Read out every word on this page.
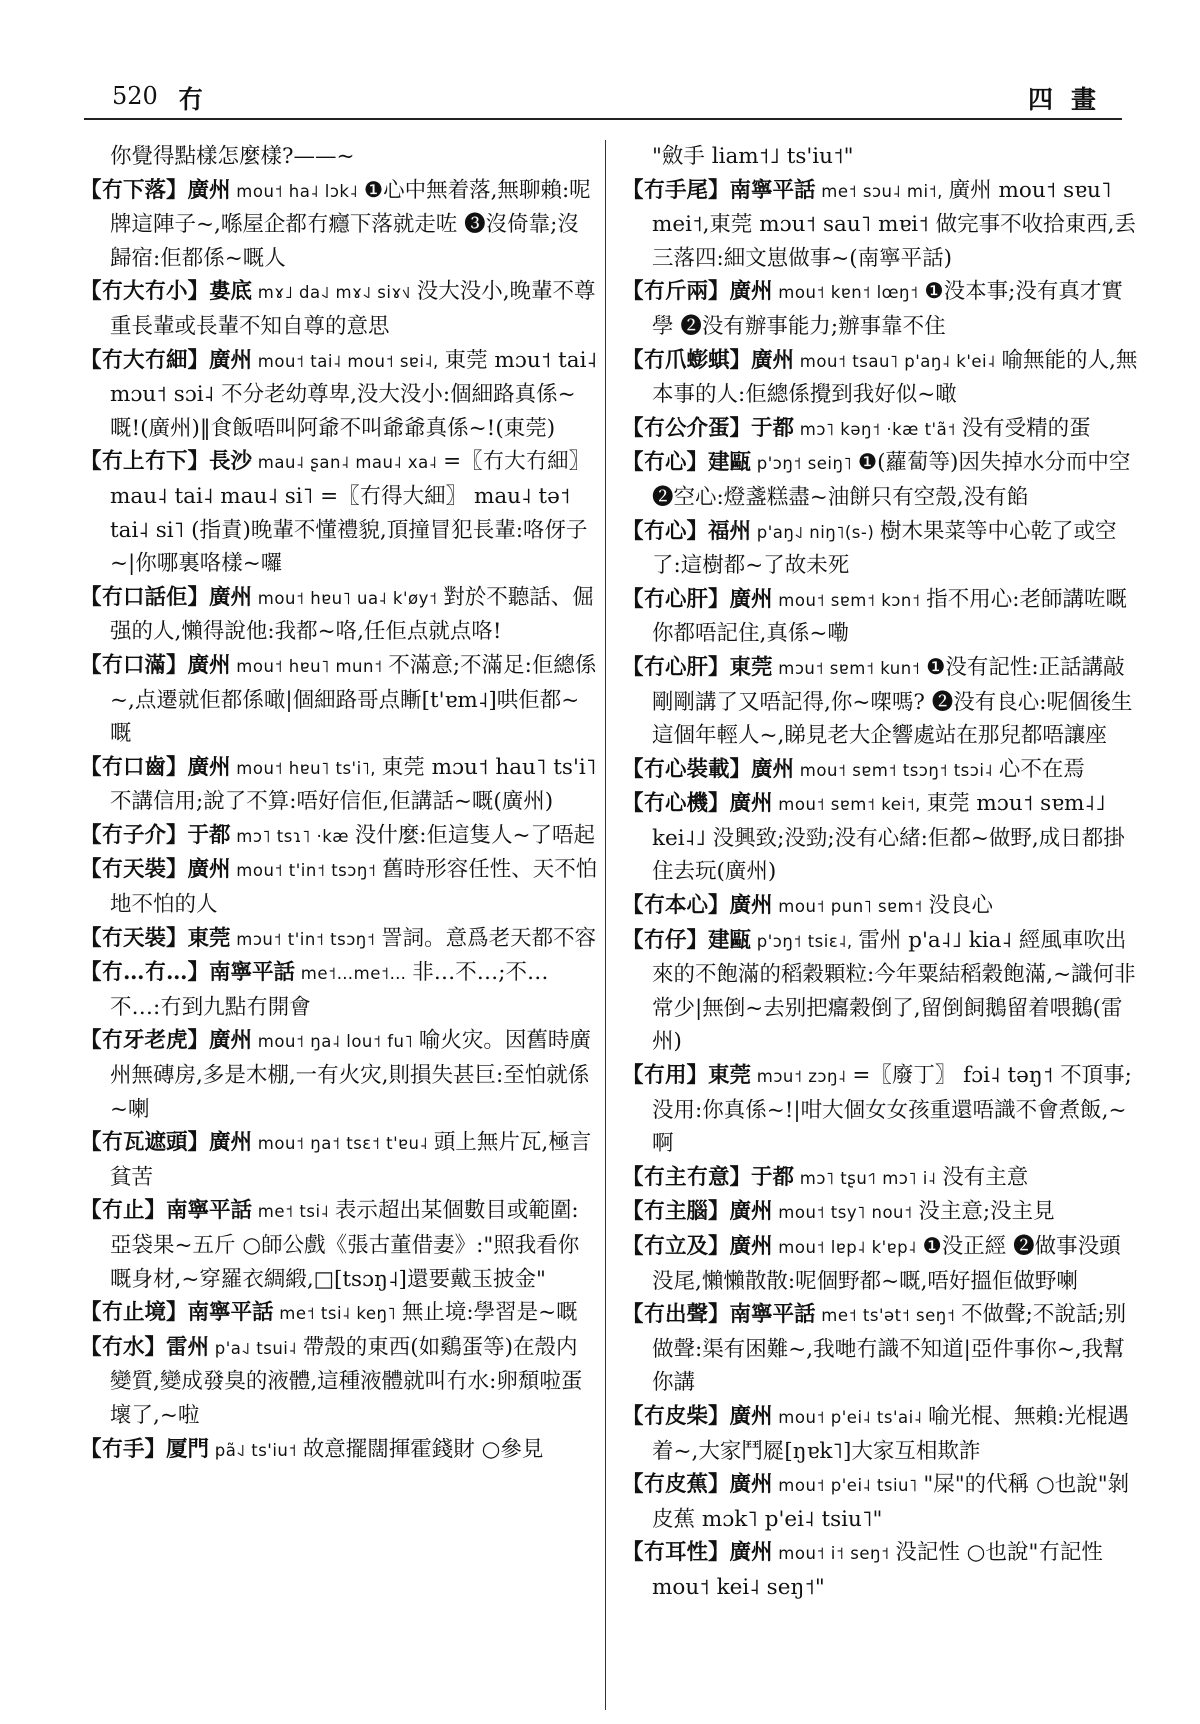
520 冇	四畫
你覺得點樣怎麼樣?——~
【冇下落】廣州 mou˦ ha˨ lɔk˨ ❶心中無着落,無聊賴:呢牌這陣子~,喺屋企都冇癮下落就走咗 ❸沒倚靠;沒歸宿:佢都係~嘅人
【冇大冇小】婁底 mɤ˩ da˨˩ mɤ˨˩ siɤ˦˩ 没大没小,晚輩不尊重長輩或長輩不知自尊的意思
【冇大冇細】廣州 mou˦ tai˨ mou˦ sɐi˨, 東莞 mɔu˦ tai˨ mɔu˦ sɔi˨ 不分老幼尊卑,没大没小:個細路真係~嘅!(廣州)‖食飯唔叫阿爺不叫爺爺真係~!(東莞)
【冇上冇下】長沙 mau˨ ʂan˨ mau˨ xa˨ =〖冇大冇細〗 mau˨ tai˨ mau˨ si˥ =〖冇得大細〗 mau˨ tə˦ tai˨ si˥ (指責)晚輩不懂禮貌,頂撞冒犯長輩:咯伢子~|你哪裏咯樣~囉
【冇口話佢】廣州 mou˦ hɐu˥ ua˨ k'øy˦ 對於不聽話、倔强的人,懶得說他:我都~咯,任佢点就点咯!
【冇口滿】廣州 mou˦ hɐu˥ mun˦ 不滿意;不滿足:佢總係~,点遷就佢都係噉|個細路哥点䁪[t'ɐm˨]哄佢都~嘅
【冇口齒】廣州 mou˦ hɐu˥ ts'i˥, 東莞 mɔu˦ hau˥ ts'i˥ 不講信用;說了不算:唔好信佢,佢講話~嘅(廣州)
【冇子介】于都 mɔ˥ tsɿ˥ ·kæ 没什麼:佢這隻人~了唔起
【冇天裝】廣州 mou˦ t'in˦ tsɔŋ˦ 舊時形容任性、天不怕地不怕的人
【冇天裝】東莞 mɔu˦ t'in˦ tsɔŋ˦ 詈詞。意爲老天都不容
【冇…冇…】南寧平話 me˦…me˦… 非…不…;不…不…:冇到九點冇開會
【冇牙老虎】廣州 mou˦ ŋa˨ lou˦ fu˥ 喻火灾。因舊時廣州無磚房,多是木棚,一有火灾,則損失甚巨:至怕就係~喇
【冇瓦遮頭】廣州 mou˦ ŋa˦ tsɛ˦ t'ɐu˨ 頭上無片瓦,極言貧苦
【冇止】南寧平話 me˦ tsi˨ 表示超出某個數目或範圍:亞袋果~五斤 ○師公戲《張古董借妻》:"照我看你嘅身材,~穿羅衣綢緞,□[tsɔŋ˨]還要戴玉披金"
【冇止境】南寧平話 me˦ tsi˨ keŋ˥ 無止境:學習是~嘅
【冇水】雷州 p'a˨˩ tsui˨ 帶殼的東西(如鷄蛋等)在殼内變質,變成發臭的液體,這種液體就叫冇水:卵頹啦蛋壞了,~啦
【冇手】厦門 pã˨˩ ts'iu˦ 故意擺闊揮霍錢財 ○參見
"斂手 liam˦˩ ts'iu˦"
【冇手尾】南寧平話 me˦ sɔu˨ mi˦, 廣州 mou˦ sɐu˥ mei˦,東莞 mɔu˦ sau˥ mɐi˦ 做完事不收拾東西,丢三落四:細文崽做事~(南寧平話)
【冇斤兩】廣州 mou˦ kɐn˦ lœŋ˦ ❶没本事;没有真才實學 ❷没有辦事能力;辦事靠不住
【冇爪蟛蜞】廣州 mou˦ tsau˥ p'aŋ˨ k'ei˨ 喻無能的人,無本事的人:佢總係攪到我好似~噉
【冇公介蛋】于都 mɔ˥ kəŋ˦ ·kæ t'ã˦ 没有受精的蛋
【冇心】建甌 p'ɔŋ˦ seiŋ˥ ❶(蘿蔔等)因失掉水分而中空 ❷空心:燈盞糕盡~油餅只有空殼,没有餡
【冇心】福州 p'aŋ˨˩ niŋ˥(s-) 樹木果菜等中心乾了或空了:這樹都~了故未死
【冇心肝】廣州 mou˦ sɐm˦ kɔn˦ 指不用心:老師講咗嘅你都唔記住,真係~嘞
【冇心肝】東莞 mɔu˦ sɐm˦ kun˦ ❶没有記性:正話講敲剛剛講了又唔記得,你~㗎嗎? ❷没有良心:呢個後生這個年輕人~,睇見老大企響處站在那兒都唔讓座
【冇心裝載】廣州 mou˦ sɐm˦ tsɔŋ˦ tsɔi˨ 心不在焉
【冇心機】廣州 mou˦ sɐm˦ kei˦, 東莞 mɔu˦ sɐm˨˩ kei˨˩ 没興致;没勁;没有心緒:佢都~做野,成日都掛住去玩(廣州)
【冇本心】廣州 mou˦ pun˥ sɐm˦ 没良心
【冇仔】建甌 p'ɔŋ˦ tsiɛ˨, 雷州 p'a˨˩ kia˨ 經風車吹出來的不飽滿的稻穀顆粒:今年粟結稻穀飽滿,~識何非常少|無倒~去别把癟穀倒了,留倒飼鵝留着喂鵝(雷州)
【冇用】東莞 mɔu˦ zɔŋ˨ =〖廢丁〗 fɔi˨ təŋ˦ 不頂事;没用:你真係~!|咁大個女女孩重還唔識不會煮飯,~啊
【冇主冇意】于都 mɔ˥ tʂu˦˥ mɔ˥ i˨ 没有主意
【冇主腦】廣州 mou˦ tsy˥ nou˦ 没主意;没主見
【冇立及】廣州 mou˦ lɐp˨ k'ɐp˨ ❶没正經 ❷做事没頭没尾,懶懶散散:呢個野都~嘅,唔好搵佢做野喇
【冇出聲】南寧平話 me˦ ts'ət˦ seŋ˦ 不做聲;不說話;别做聲:渠有困難~,我哋冇識不知道|亞件事你~,我幫你講
【冇皮柴】廣州 mou˦ p'ei˨ ts'ai˨ 喻光棍、無賴:光棍遇着~,大家鬥㞞[ŋɐk˥]大家互相欺詐
【冇皮蕉】廣州 mou˦ p'ei˨ tsiu˥ "屎"的代稱 ○也說"剝皮蕉 mɔk˥ p'ei˨ tsiu˥"
【冇耳性】廣州 mou˦ i˦ seŋ˦ 没記性 ○也說"冇記性 mou˦ kei˨ seŋ˦"
